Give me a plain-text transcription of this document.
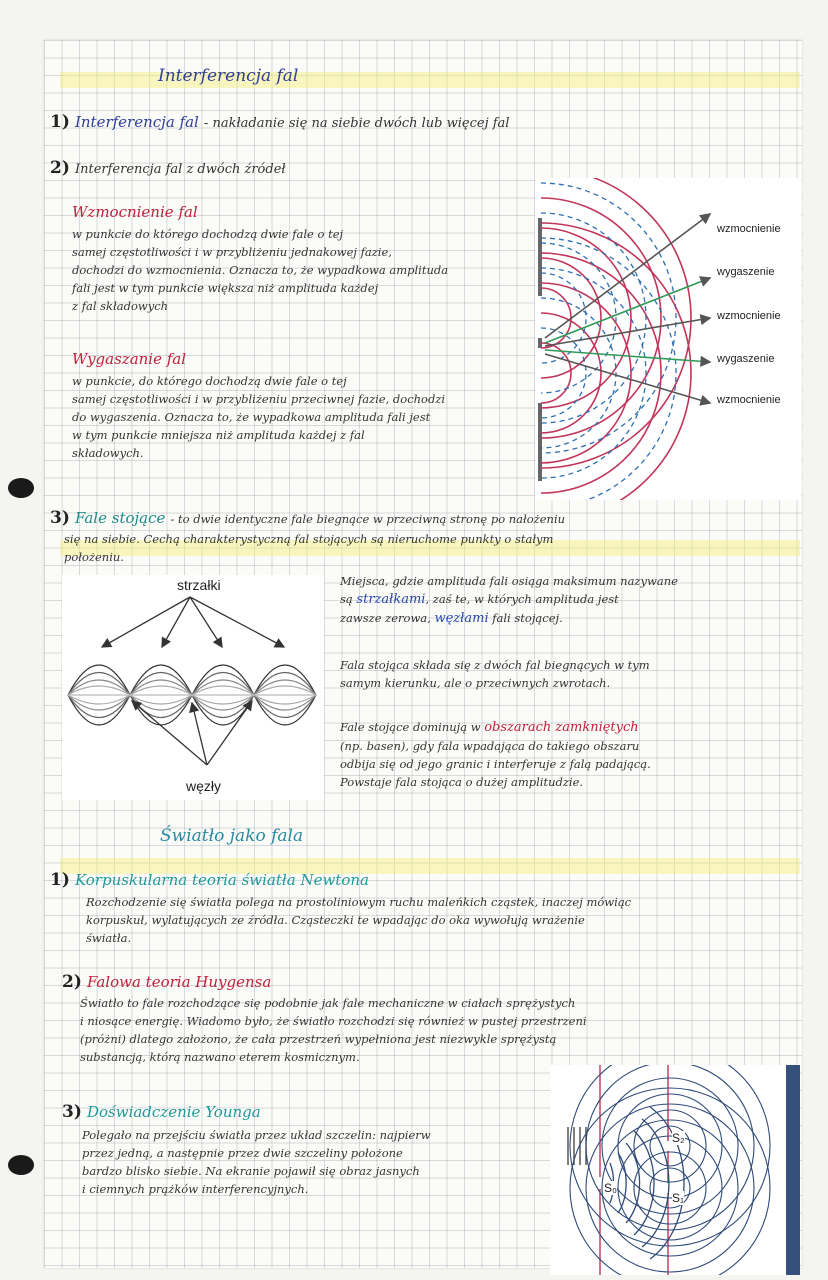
Interferencja fal
1) Interferencja fal - nakładanie się na siebie dwóch lub więcej fal
2) Interferencja fal z dwóch źródeł
Wzmocnienie fal
w punkcie do którego dochodzą dwie fale o tej
samej częstotliwości i w przybliżeniu jednakowej fazie,
dochodzi do wzmocnienia. Oznacza to, że wypadkowa amplituda
fali jest w tym punkcie większa niż amplituda każdej
z fal składowych
Wygaszanie fal
w punkcie, do którego dochodzą dwie fale o tej
samej częstotliwości i w przybliżeniu przeciwnej fazie, dochodzi
do wygaszenia. Oznacza to, że wypadkowa amplituda fali jest
w tym punkcie mniejsza niż amplituda każdej z fal
składowych.
wzmocnienie
wygaszenie
wzmocnienie
wygaszenie
wzmocnienie
3) Fale stojące - to dwie identyczne fale biegnące w przeciwną stronę po nałożeniu
się na siebie. Cechą charakterystyczną fal stojących są nieruchome punkty o stałym
położeniu.
strzałki
węzły
Miejsca, gdzie amplituda fali osiąga maksimum nazywane
są strzałkami, zaś te, w których amplituda jest
zawsze zerowa, węzłami fali stojącej.
Fala stojąca składa się z dwóch fal biegnących w tym
samym kierunku, ale o przeciwnych zwrotach.
Fale stojące dominują w obszarach zamkniętych
(np. basen), gdy fala wpadająca do takiego obszaru
odbija się od jego granic i interferuje z falą padającą.
Powstaje fala stojąca o dużej amplitudzie.
Światło jako fala
1) Korpuskularna teoria światła Newtona
Rozchodzenie się światła polega na prostoliniowym ruchu maleńkich cząstek, inaczej mówiąc
korpuskuł, wylatujących ze źródła. Cząsteczki te wpadając do oka wywołują wrażenie
światła.
2) Falowa teoria Huygensa
Światło to fale rozchodzące się podobnie jak fale mechaniczne w ciałach sprężystych
i niosące energię. Wiadomo było, że światło rozchodzi się również w pustej przestrzeni
(próżni) dlatego założono, że cała przestrzeń wypełniona jest niezwykle sprężystą
substancją, którą nazwano eterem kosmicznym.
3) Doświadczenie Younga
Polegało na przejściu światła przez układ szczelin: najpierw
przez jedną, a następnie przez dwie szczeliny położone
bardzo blisko siebie. Na ekranie pojawił się obraz jasnych
i ciemnych prążków interferencyjnych.	S₀
S₁
S₂
